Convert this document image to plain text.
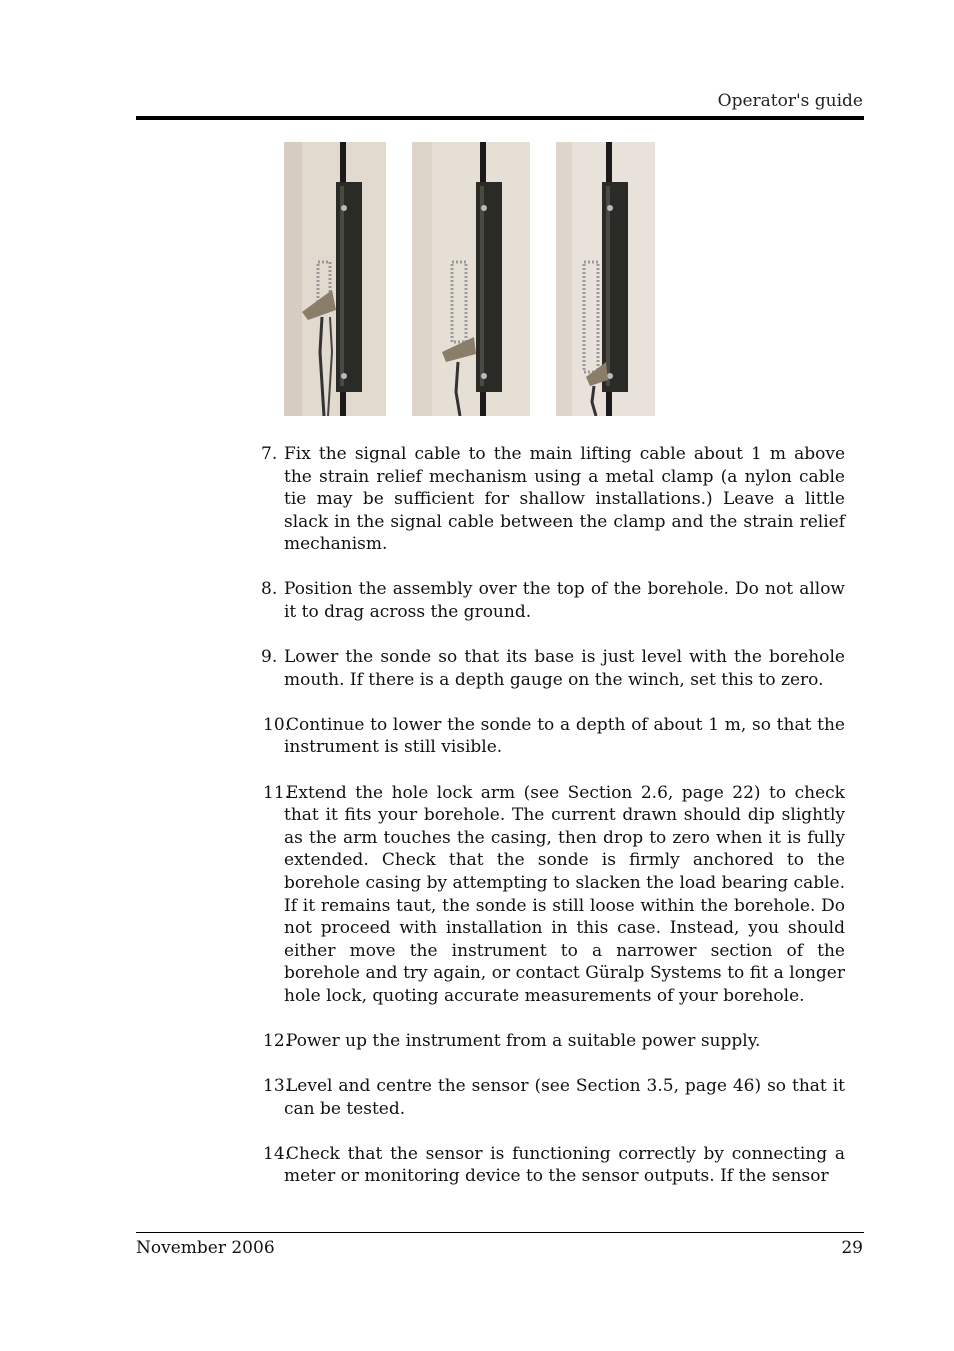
Operator's guide
7. Fix the signal cable to the main lifting cable about 1 m above the strain relief mechanism using a metal clamp (a nylon cable tie may be sufficient for shallow installations.) Leave a little slack in the signal cable between the clamp and the strain relief mechanism.
8. Position the assembly over the top of the borehole. Do not allow it to drag across the ground.
9. Lower the sonde so that its base is just level with the borehole mouth. If there is a depth gauge on the winch, set this to zero.
10.
Continue to lower the sonde to a depth of about 1 m, so that the instrument is still visible.
11.
Extend the hole lock arm (see Section 2.6, page 22) to check that it fits your borehole. The current drawn should dip slightly as the arm touches the casing, then drop to zero when it is fully extended. Check that the sonde is firmly anchored to the borehole casing by attempting to slacken the load bearing cable. If it remains taut, the sonde is still loose within the borehole. Do not proceed with installation in this case. Instead, you should either move the instrument to a narrower section of the borehole and try again, or contact Güralp Systems to fit a longer hole lock, quoting accurate measurements of your borehole.
12.
Power up the instrument from a suitable power supply.
13.
Level and centre the sensor (see Section 3.5, page 46) so that it can be tested.
14.
Check that the sensor is functioning correctly by connecting a meter or monitoring device to the sensor outputs. If the sensor
November 2006	29
